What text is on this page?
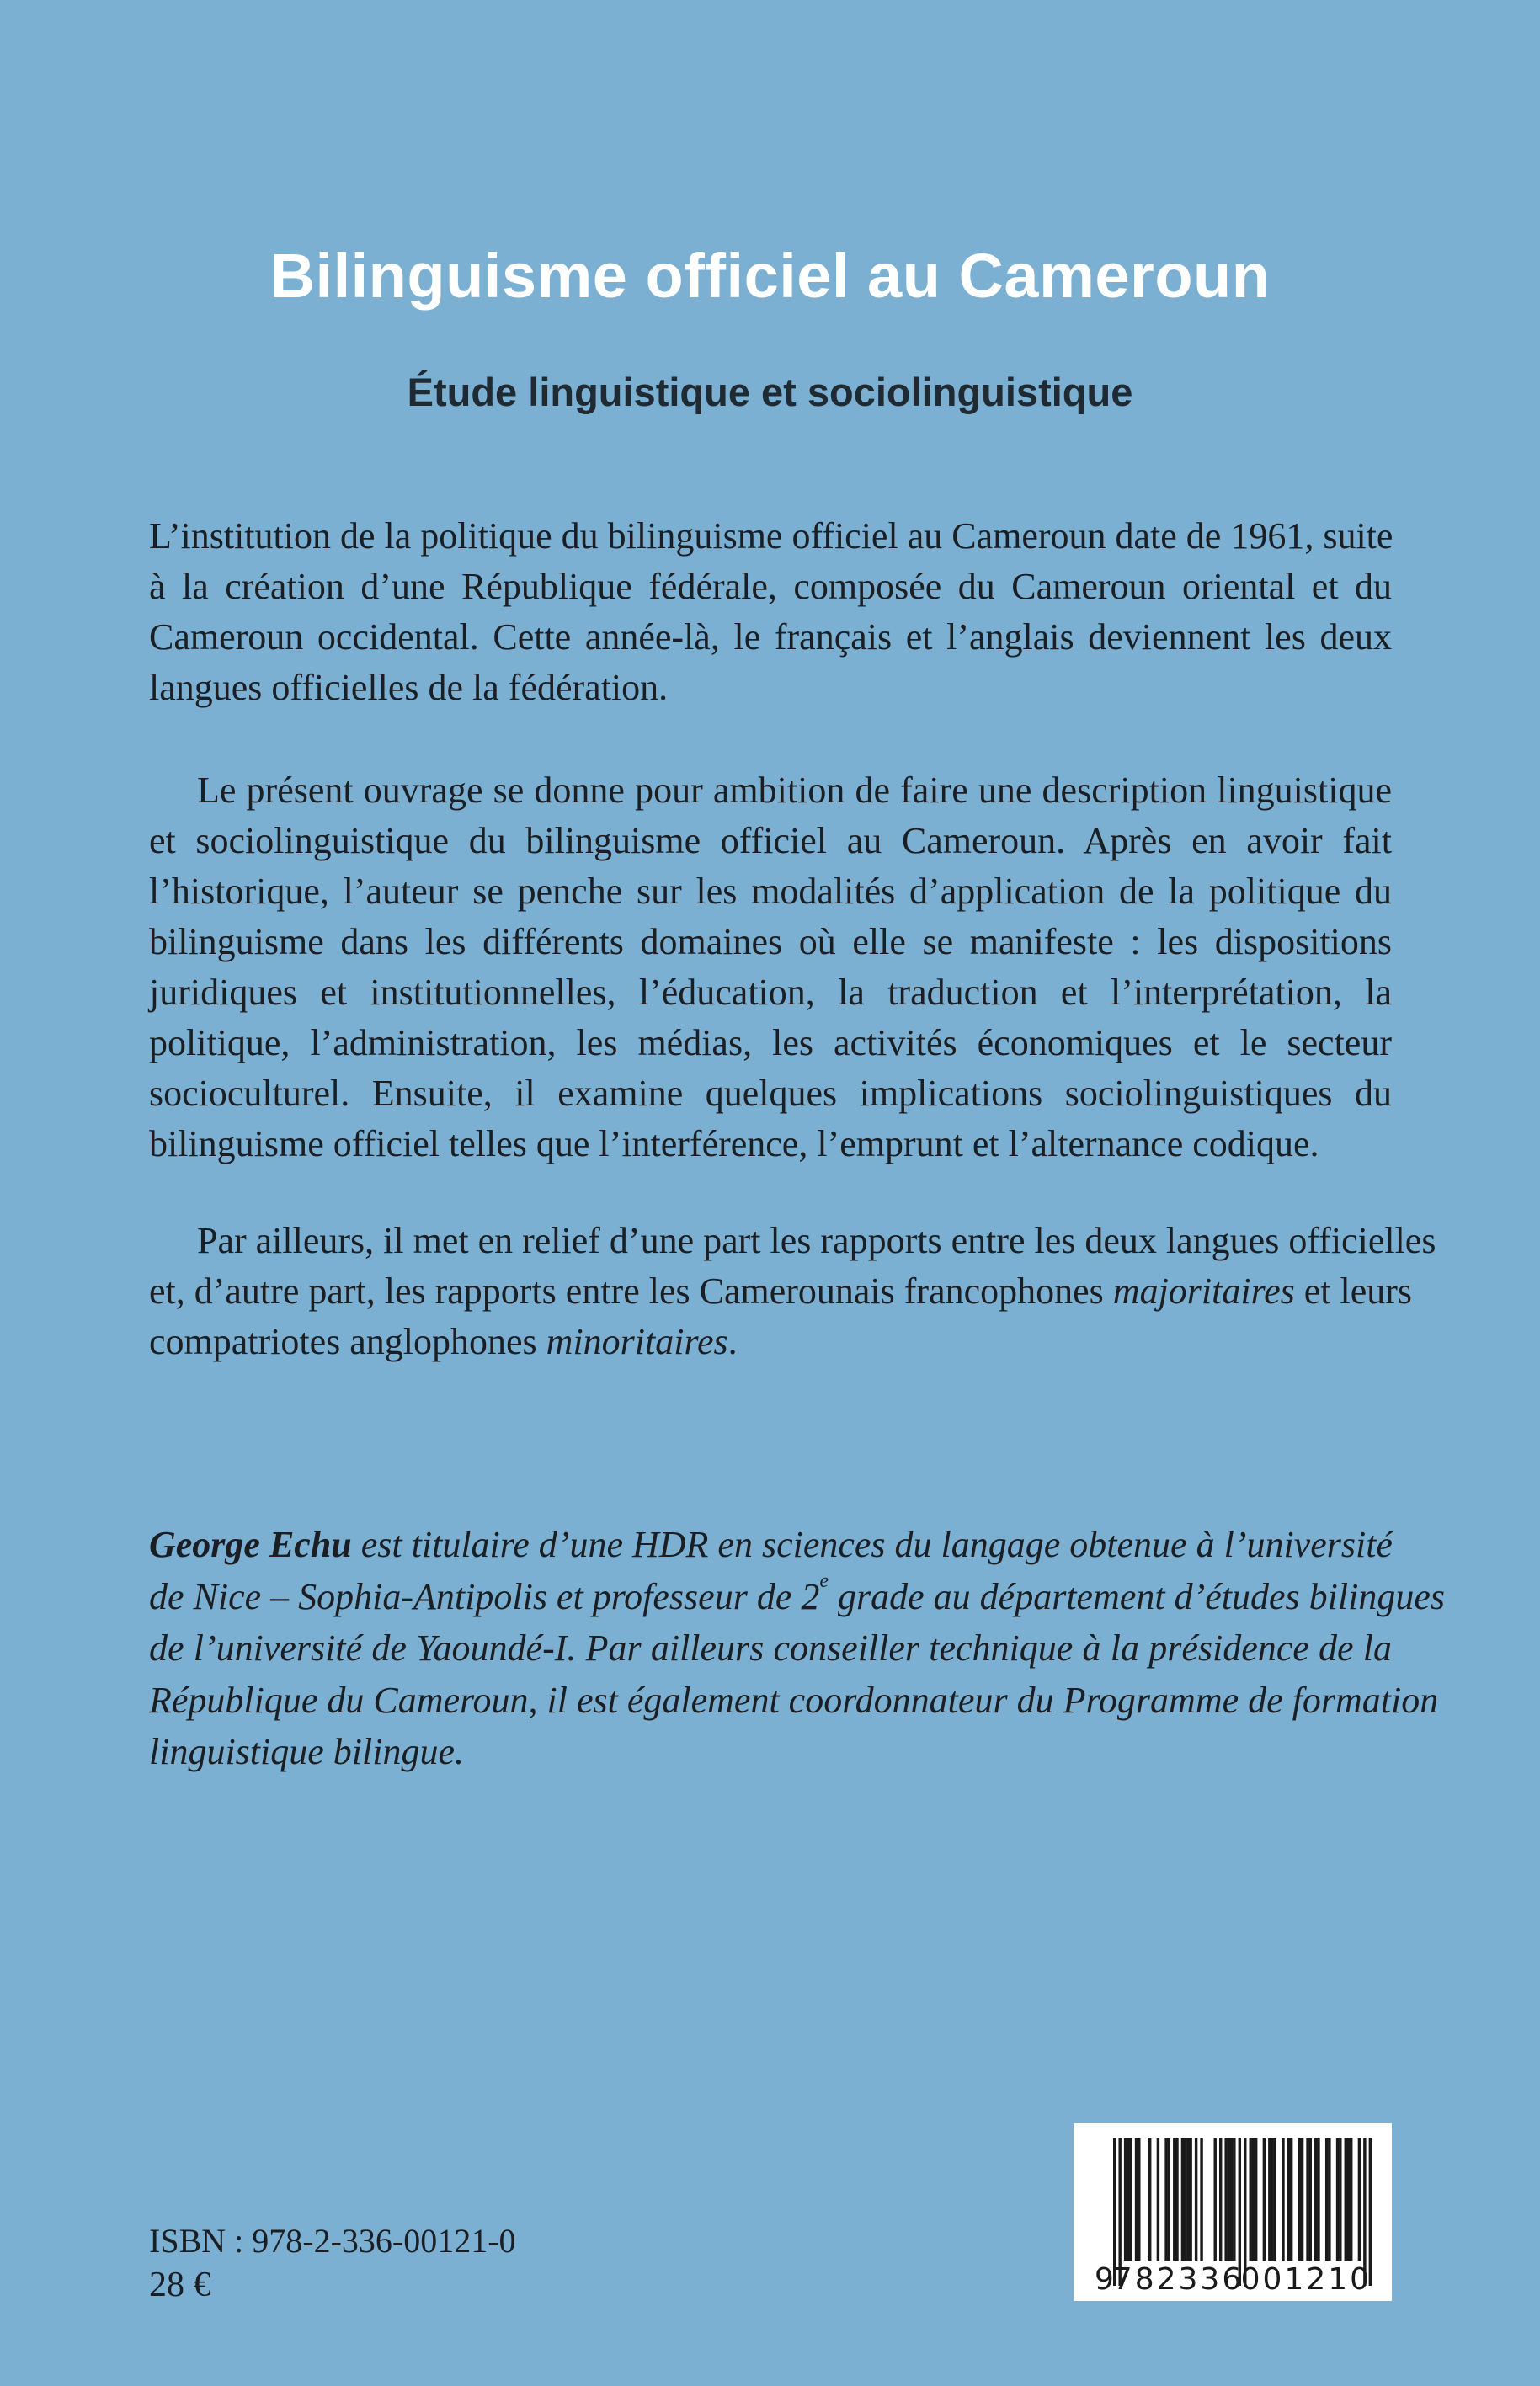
Bilinguisme officiel au Cameroun
Étude linguistique et sociolinguistique
L’institution de la politique du bilinguisme officiel au Cameroun date de 1961, suite
à la création d’une République fédérale, composée du Cameroun oriental et du
Cameroun occidental. Cette année-là, le français et l’anglais deviennent les deux
langues officielles de la fédération.
Le présent ouvrage se donne pour ambition de faire une description linguistique
et sociolinguistique du bilinguisme officiel au Cameroun. Après en avoir fait
l’historique, l’auteur se penche sur les modalités d’application de la politique du
bilinguisme dans les différents domaines où elle se manifeste : les dispositions
juridiques et institutionnelles, l’éducation, la traduction et l’interprétation, la
politique, l’administration, les médias, les activités économiques et le secteur
socioculturel. Ensuite, il examine quelques implications sociolinguistiques du
bilinguisme officiel telles que l’interférence, l’emprunt et l’alternance codique.
Par ailleurs, il met en relief d’une part les rapports entre les deux langues officielles
et, d’autre part, les rapports entre les Camerounais francophones majoritaires et leurs
compatriotes anglophones minoritaires.
George Echu est titulaire d’une HDR en sciences du langage obtenue à l’université
de Nice – Sophia-Antipolis et professeur de 2e grade au département d’études bilingues
de l’université de Yaoundé-I. Par ailleurs conseiller technique à la présidence de la
République du Cameroun, il est également coordonnateur du Programme de formation
linguistique bilingue.
ISBN : 978-2-336-00121-0
28 €	9
782336
001210
